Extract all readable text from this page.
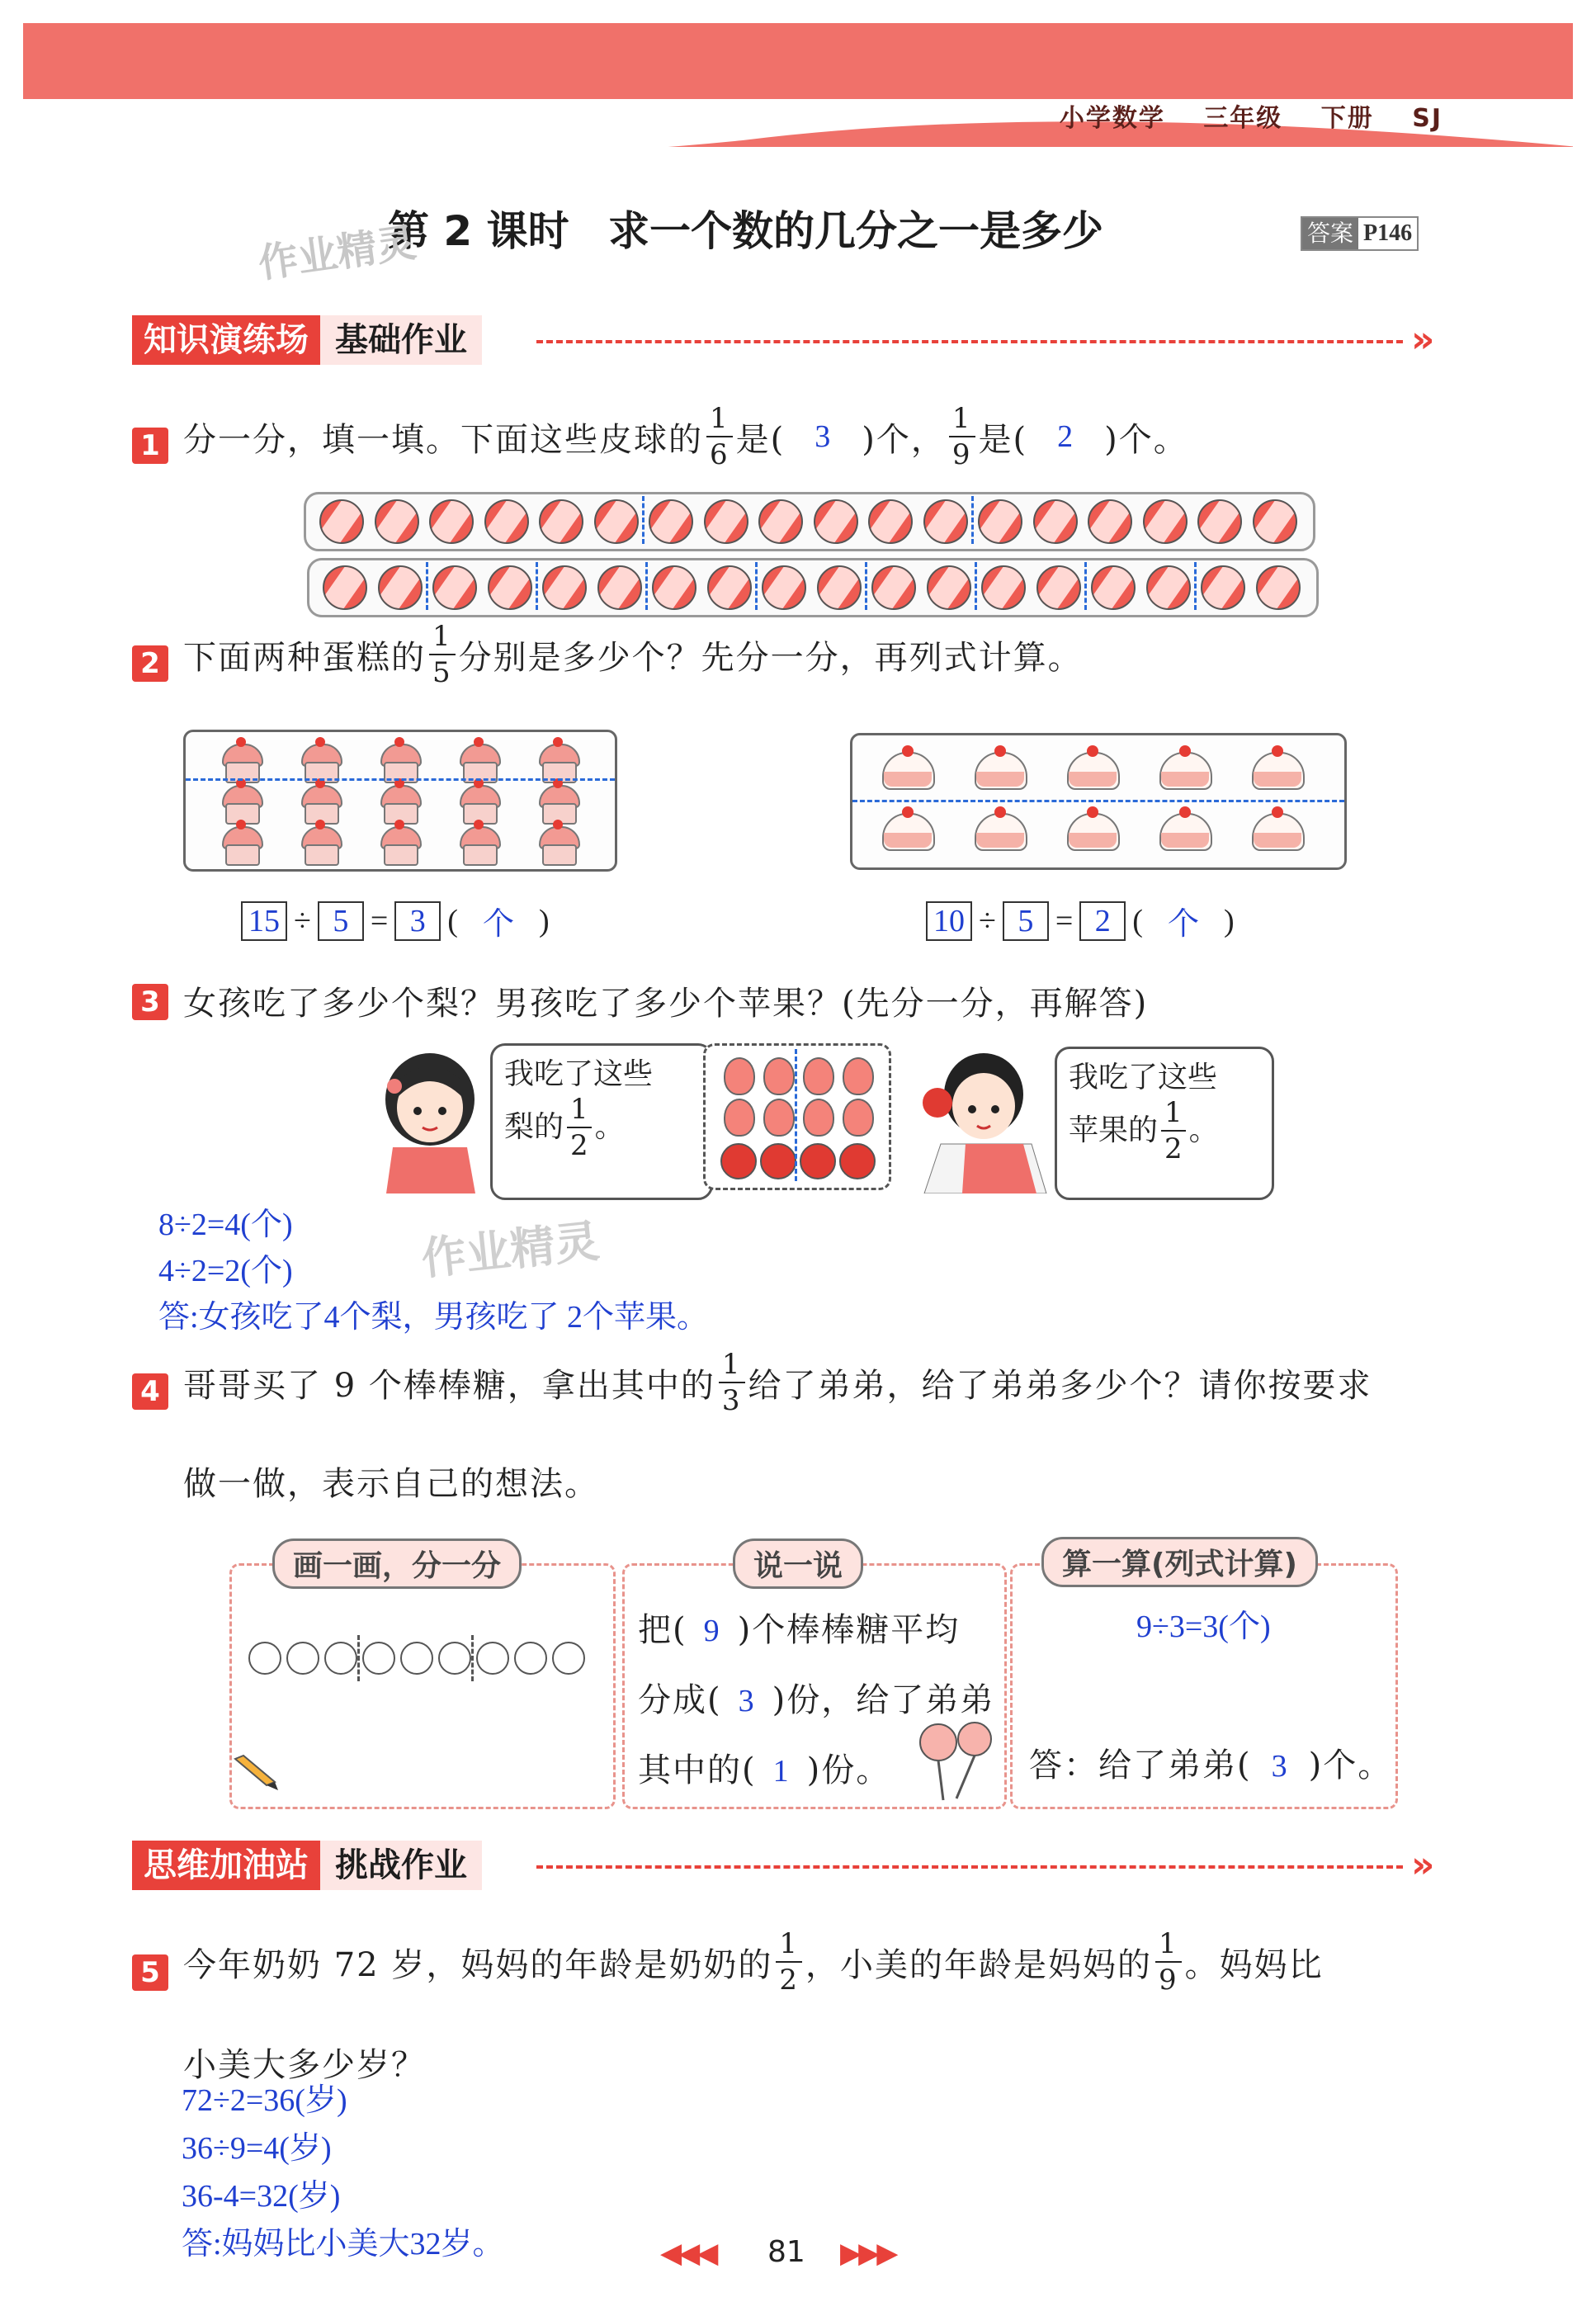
小学数学 三年级 下册 SJ
第 2 课时 求一个数的几分之一是多少
作业精灵	答案 P146
知识演练场 基础作业	»
1 分一分，填一填。下面这些皮球的 $\frac{1}{6}$ 是( 3 )个， $\frac{1}{9}$ 是( 2 )个。
2 下面两种蛋糕的 $\frac{1}{5}$ 分别是多少个？先分一分，再列式计算。
15 ÷ 5 = 3 ( 个 )	10 ÷ 5 = 2 ( 个 )
3 女孩吃了多少个梨？男孩吃了多少个苹果？(先分一分，再解答)
我吃了这些
梨的 $\frac{1}{2}$ 。
我吃了这些
苹果的 $\frac{1}{2}$ 。
8÷2=4(个)
4÷2=2(个)
答:女孩吃了4个梨，男孩吃了 2个苹果。
作业精灵
4 哥哥买了 9 个棒棒糖，拿出其中的 $\frac{1}{3}$ 给了弟弟，给了弟弟多少个？请你按要求
做一做，表示自己的想法。
画一画，分一分
把( 9 )个棒棒糖平均
分成( 3 )份，给了弟弟
其中的( 1 )份。
说一说
9÷3=3(个)
答：给了弟弟( 3 )个。
算一算(列式计算)
思维加油站 挑战作业	»
5 今年奶奶 72 岁，妈妈的年龄是奶奶的 $\frac{1}{2}$ ，小美的年龄是妈妈的 $\frac{1}{9}$ 。妈妈比
小美大多少岁？
72÷2=36(岁)
36÷9=4(岁)
36-4=32(岁)
答:妈妈比小美大32岁。	◀◀◀ 81 ▶▶▶
